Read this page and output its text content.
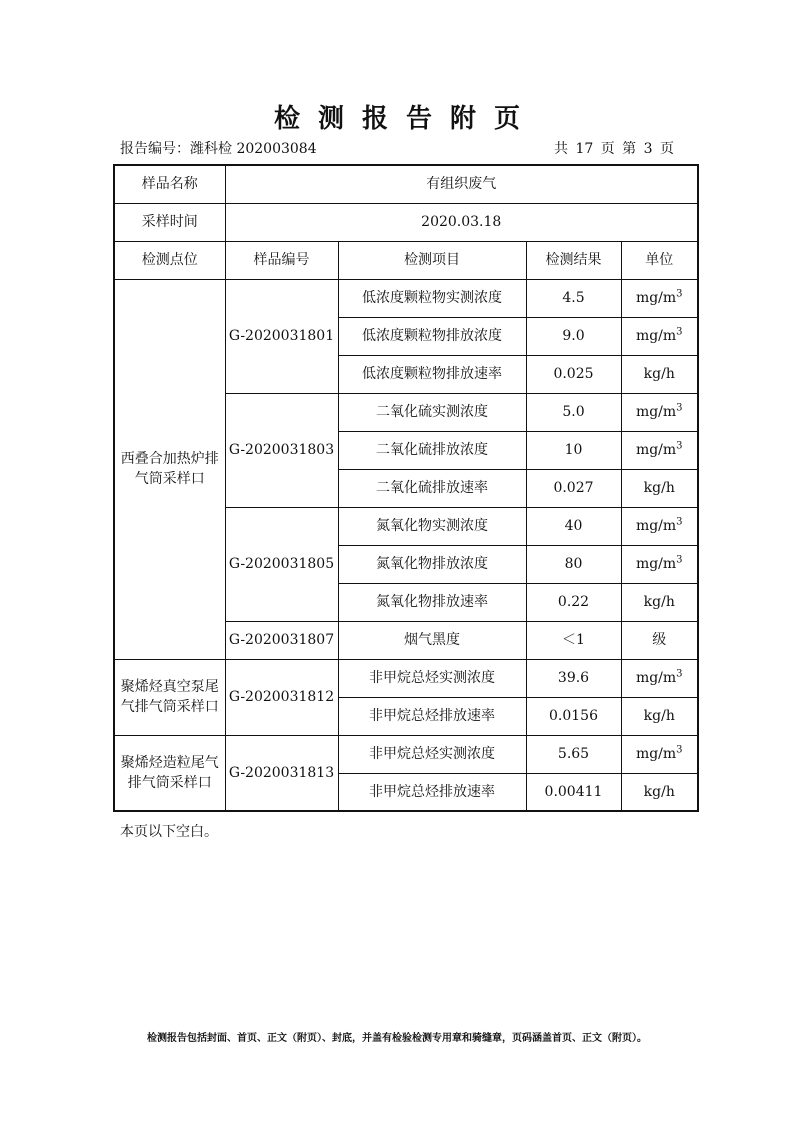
检测报告附页
报告编号：潍科检 202003084	共 17 页 第 3 页
样品名称	有组织废气			
采样时间	2020.03.18			
检测点位	样品编号	检测项目	检测结果	单位
西叠合加热炉排气筒采样口	G-2020031801	低浓度颗粒物实测浓度	4.5	$mg/m^3$
		低浓度颗粒物排放浓度	9.0	$mg/m^3$
		低浓度颗粒物排放速率	0.025	kg/h
	G-2020031803	二氧化硫实测浓度	5.0	$mg/m^3$
		二氧化硫排放浓度	10	$mg/m^3$
		二氧化硫排放速率	0.027	kg/h
	G-2020031805	氮氧化物实测浓度	40	$mg/m^3$
		氮氧化物排放浓度	80	$mg/m^3$
		氮氧化物排放速率	0.22	kg/h
	G-2020031807	烟气黑度	＜1	级
聚烯烃真空泵尾气排气筒采样口	G-2020031812	非甲烷总烃实测浓度	39.6	$mg/m^3$
		非甲烷总烃排放速率	0.0156	kg/h
聚烯烃造粒尾气排气筒采样口	G-2020031813	非甲烷总烃实测浓度	5.65	$mg/m^3$
		非甲烷总烃排放速率	0.00411	kg/h
本页以下空白。
检测报告包括封面、首页、正文（附页）、封底，并盖有检验检测专用章和骑缝章，页码涵盖首页、正文（附页）。
